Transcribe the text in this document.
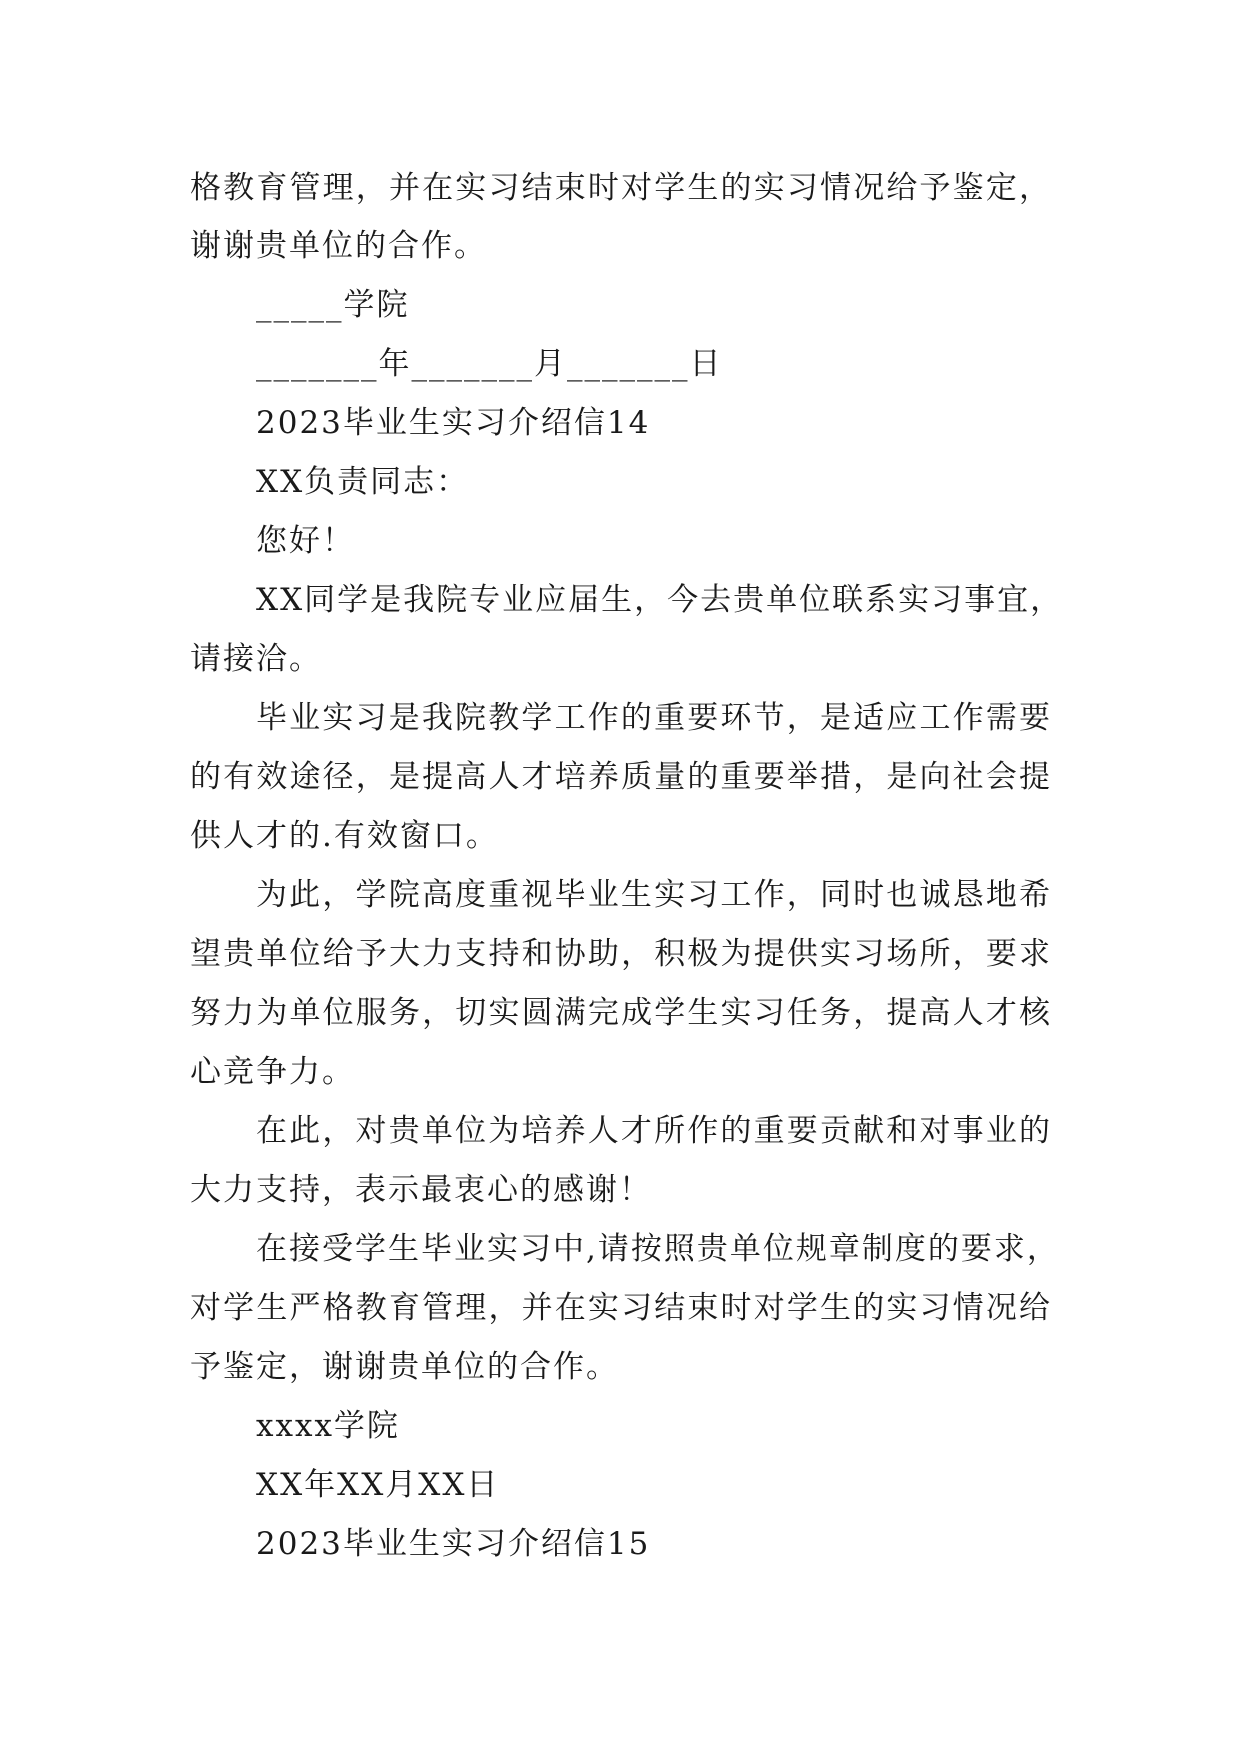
格教育管理，并在实习结束时对学生的实习情况给予鉴定，
谢谢贵单位的合作。
_____学院
_______年_______月_______日
2023毕业生实习介绍信14
XX负责同志：
您好！
XX同学是我院专业应届生，今去贵单位联系实习事宜，
请接洽。
毕业实习是我院教学工作的重要环节，是适应工作需要
的有效途径，是提高人才培养质量的重要举措，是向社会提
供人才的.有效窗口。
为此，学院高度重视毕业生实习工作，同时也诚恳地希
望贵单位给予大力支持和协助，积极为提供实习场所，要求
努力为单位服务，切实圆满完成学生实习任务，提高人才核
心竞争力。
在此，对贵单位为培养人才所作的重要贡献和对事业的
大力支持，表示最衷心的感谢！
在接受学生毕业实习中,请按照贵单位规章制度的要求，
对学生严格教育管理，并在实习结束时对学生的实习情况给
予鉴定，谢谢贵单位的合作。
xxxx学院
XX年XX月XX日
2023毕业生实习介绍信15
